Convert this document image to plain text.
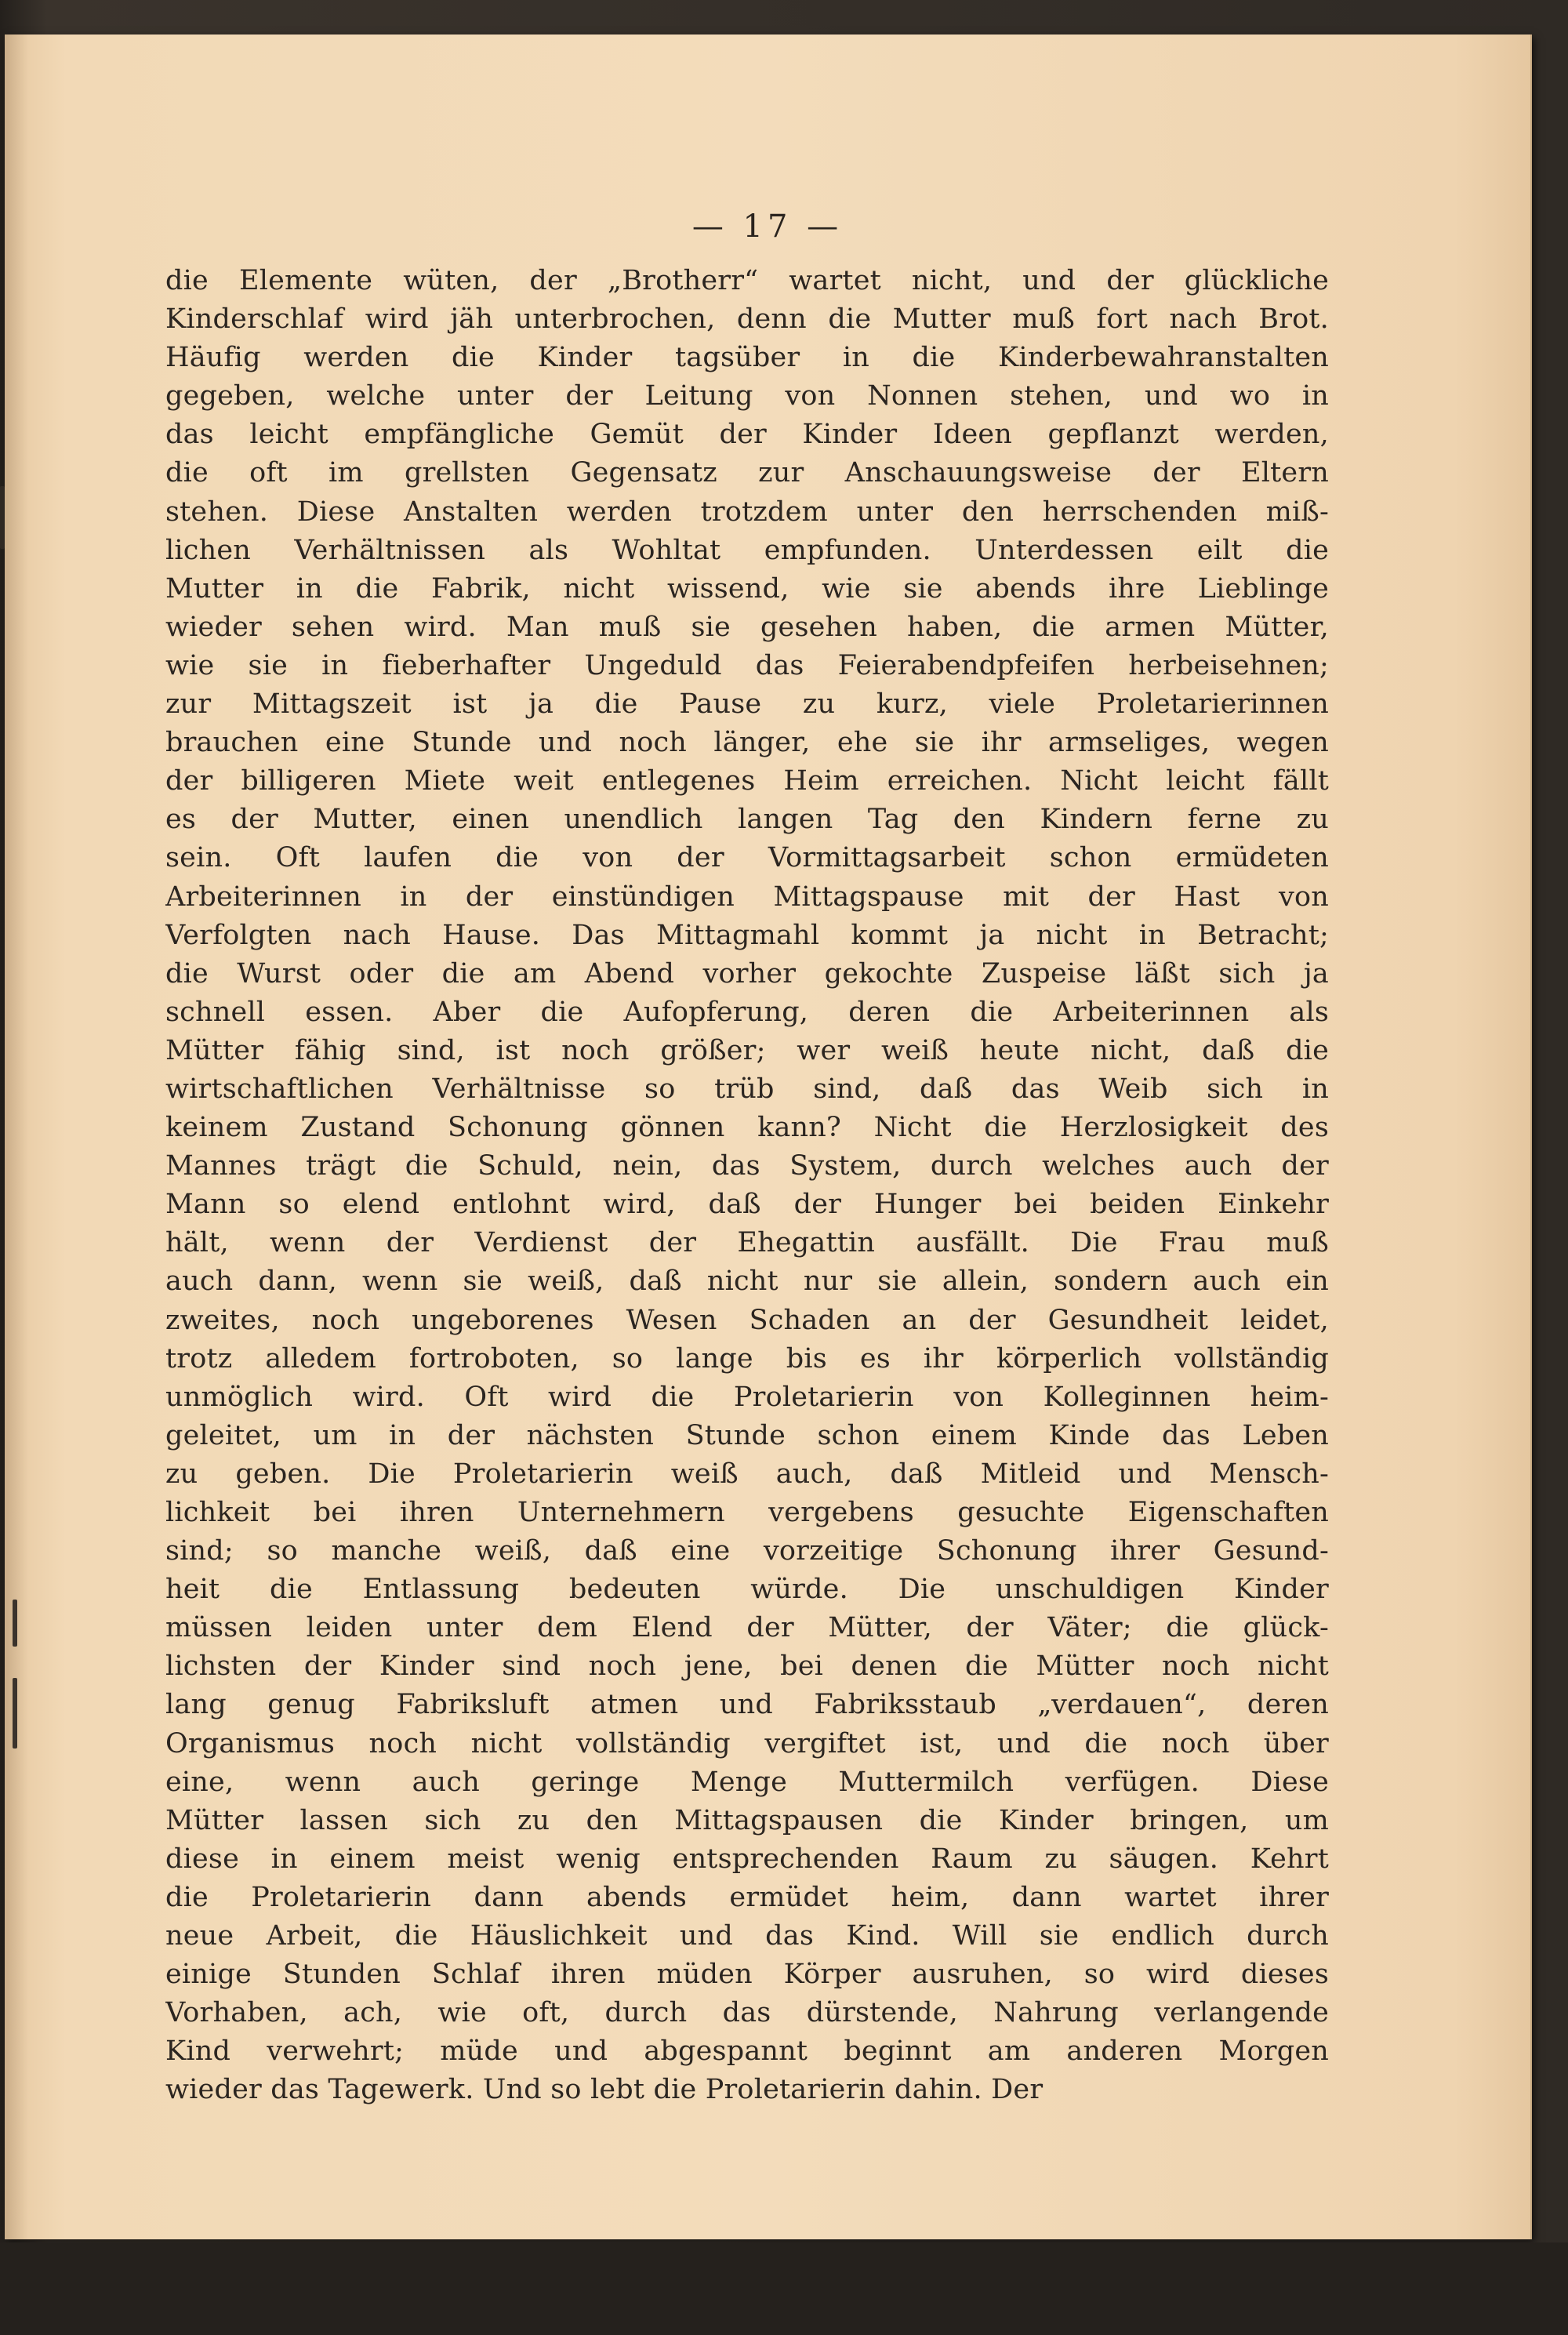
— 17 —
die Elemente wüten, der „Brotherr“ wartet nicht, und der glückliche
Kinderschlaf wird jäh unterbrochen, denn die Mutter muß fort nach Brot.
Häufig werden die Kinder tagsüber in die Kinderbewahranstalten
gegeben, welche unter der Leitung von Nonnen stehen, und wo in
das leicht empfängliche Gemüt der Kinder Ideen gepflanzt werden,
die oft im grellsten Gegensatz zur Anschauungsweise der Eltern
stehen. Diese Anstalten werden trotzdem unter den herrschenden miß-
lichen Verhältnissen als Wohltat empfunden. Unterdessen eilt die
Mutter in die Fabrik, nicht wissend, wie sie abends ihre Lieblinge
wieder sehen wird. Man muß sie gesehen haben, die armen Mütter,
wie sie in fieberhafter Ungeduld das Feierabendpfeifen herbeisehnen;
zur Mittagszeit ist ja die Pause zu kurz, viele Proletarierinnen
brauchen eine Stunde und noch länger, ehe sie ihr armseliges, wegen
der billigeren Miete weit entlegenes Heim erreichen. Nicht leicht fällt
es der Mutter, einen unendlich langen Tag den Kindern ferne zu
sein. Oft laufen die von der Vormittagsarbeit schon ermüdeten
Arbeiterinnen in der einstündigen Mittagspause mit der Hast von
Verfolgten nach Hause. Das Mittagmahl kommt ja nicht in Betracht;
die Wurst oder die am Abend vorher gekochte Zuspeise läßt sich ja
schnell essen. Aber die Aufopferung, deren die Arbeiterinnen als
Mütter fähig sind, ist noch größer; wer weiß heute nicht, daß die
wirtschaftlichen Verhältnisse so trüb sind, daß das Weib sich in
keinem Zustand Schonung gönnen kann? Nicht die Herzlosigkeit des
Mannes trägt die Schuld, nein, das System, durch welches auch der
Mann so elend entlohnt wird, daß der Hunger bei beiden Einkehr
hält, wenn der Verdienst der Ehegattin ausfällt. Die Frau muß
auch dann, wenn sie weiß, daß nicht nur sie allein, sondern auch ein
zweites, noch ungeborenes Wesen Schaden an der Gesundheit leidet,
trotz alledem fortroboten, so lange bis es ihr körperlich vollständig
unmöglich wird. Oft wird die Proletarierin von Kolleginnen heim-
geleitet, um in der nächsten Stunde schon einem Kinde das Leben
zu geben. Die Proletarierin weiß auch, daß Mitleid und Mensch-
lichkeit bei ihren Unternehmern vergebens gesuchte Eigenschaften
sind; so manche weiß, daß eine vorzeitige Schonung ihrer Gesund-
heit die Entlassung bedeuten würde. Die unschuldigen Kinder
müssen leiden unter dem Elend der Mütter, der Väter; die glück-
lichsten der Kinder sind noch jene, bei denen die Mütter noch nicht
lang genug Fabriksluft atmen und Fabriksstaub „verdauen“, deren
Organismus noch nicht vollständig vergiftet ist, und die noch über
eine, wenn auch geringe Menge Muttermilch verfügen. Diese
Mütter lassen sich zu den Mittagspausen die Kinder bringen, um
diese in einem meist wenig entsprechenden Raum zu säugen. Kehrt
die Proletarierin dann abends ermüdet heim, dann wartet ihrer
neue Arbeit, die Häuslichkeit und das Kind. Will sie endlich durch
einige Stunden Schlaf ihren müden Körper ausruhen, so wird dieses
Vorhaben, ach, wie oft, durch das dürstende, Nahrung verlangende
Kind verwehrt; müde und abgespannt beginnt am anderen Morgen
wieder das Tagewerk. Und so lebt die Proletarierin dahin. Der
